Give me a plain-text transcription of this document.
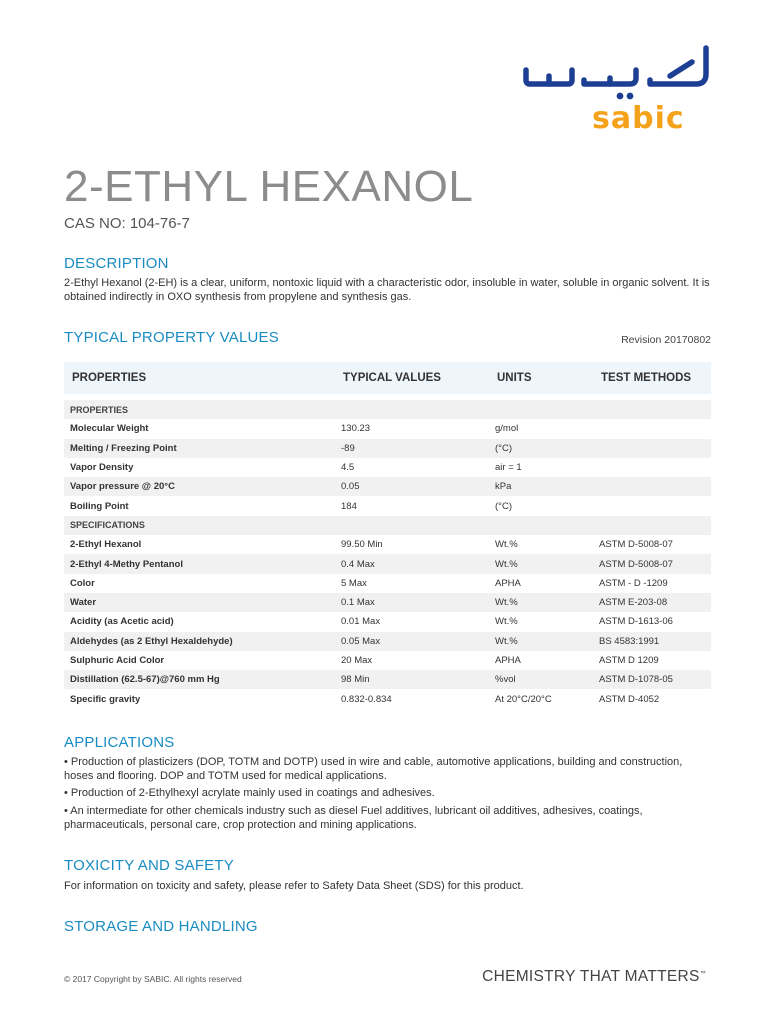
sabic
2-ETHYL HEXANOL
CAS NO: 104-76-7
DESCRIPTION

2-Ethyl Hexanol (2-EH) is a clear, uniform, nontoxic liquid with a characteristic odor, insoluble in water, soluble in organic solvent. It is obtained indirectly in OXO synthesis from propylene and synthesis gas.

TYPICAL PROPERTY VALUES	Revision 20170802
PROPERTIES	TYPICAL VALUES	UNITS	TEST METHODS
PROPERTIES			
Molecular Weight	130.23	g/mol	
Melting / Freezing Point	-89	(°C)	
Vapor Density	4.5	air = 1	
Vapor pressure @ 20°C	0.05	kPa	
Boiling Point	184	(°C)	
SPECIFICATIONS			
2-Ethyl Hexanol	99.50 Min	Wt.%	ASTM D-5008-07
2-Ethyl 4-Methy Pentanol	0.4 Max	Wt.%	ASTM D-5008-07
Color	5 Max	APHA	ASTM - D -1209
Water	0.1 Max	Wt.%	ASTM E-203-08
Acidity (as Acetic acid)	0.01 Max	Wt.%	ASTM D-1613-06
Aldehydes (as 2 Ethyl Hexaldehyde)	0.05 Max	Wt.%	BS 4583:1991
Sulphuric Acid Color	20 Max	APHA	ASTM D 1209
Distillation (62.5-67)@760 mm Hg	98 Min	%vol	ASTM D-1078-05
Specific gravity	0.832-0.834	At 20°C/20°C	ASTM D-4052
APPLICATIONS

• Production of plasticizers (DOP, TOTM and DOTP) used in wire and cable, automotive applications, building and construction, hoses and flooring. DOP and TOTM used for medical applications.

• Production of 2-Ethylhexyl acrylate mainly used in coatings and adhesives.

• An intermediate for other chemicals industry such as diesel Fuel additives, lubricant oil additives, adhesives, coatings, pharmaceuticals, personal care, crop protection and mining applications.

TOXICITY AND SAFETY

For information on toxicity and safety, please refer to Safety Data Sheet (SDS) for this product.

STORAGE AND HANDLING
© 2017 Copyright by SABIC. All rights reserved	CHEMISTRY THAT MATTERS™
